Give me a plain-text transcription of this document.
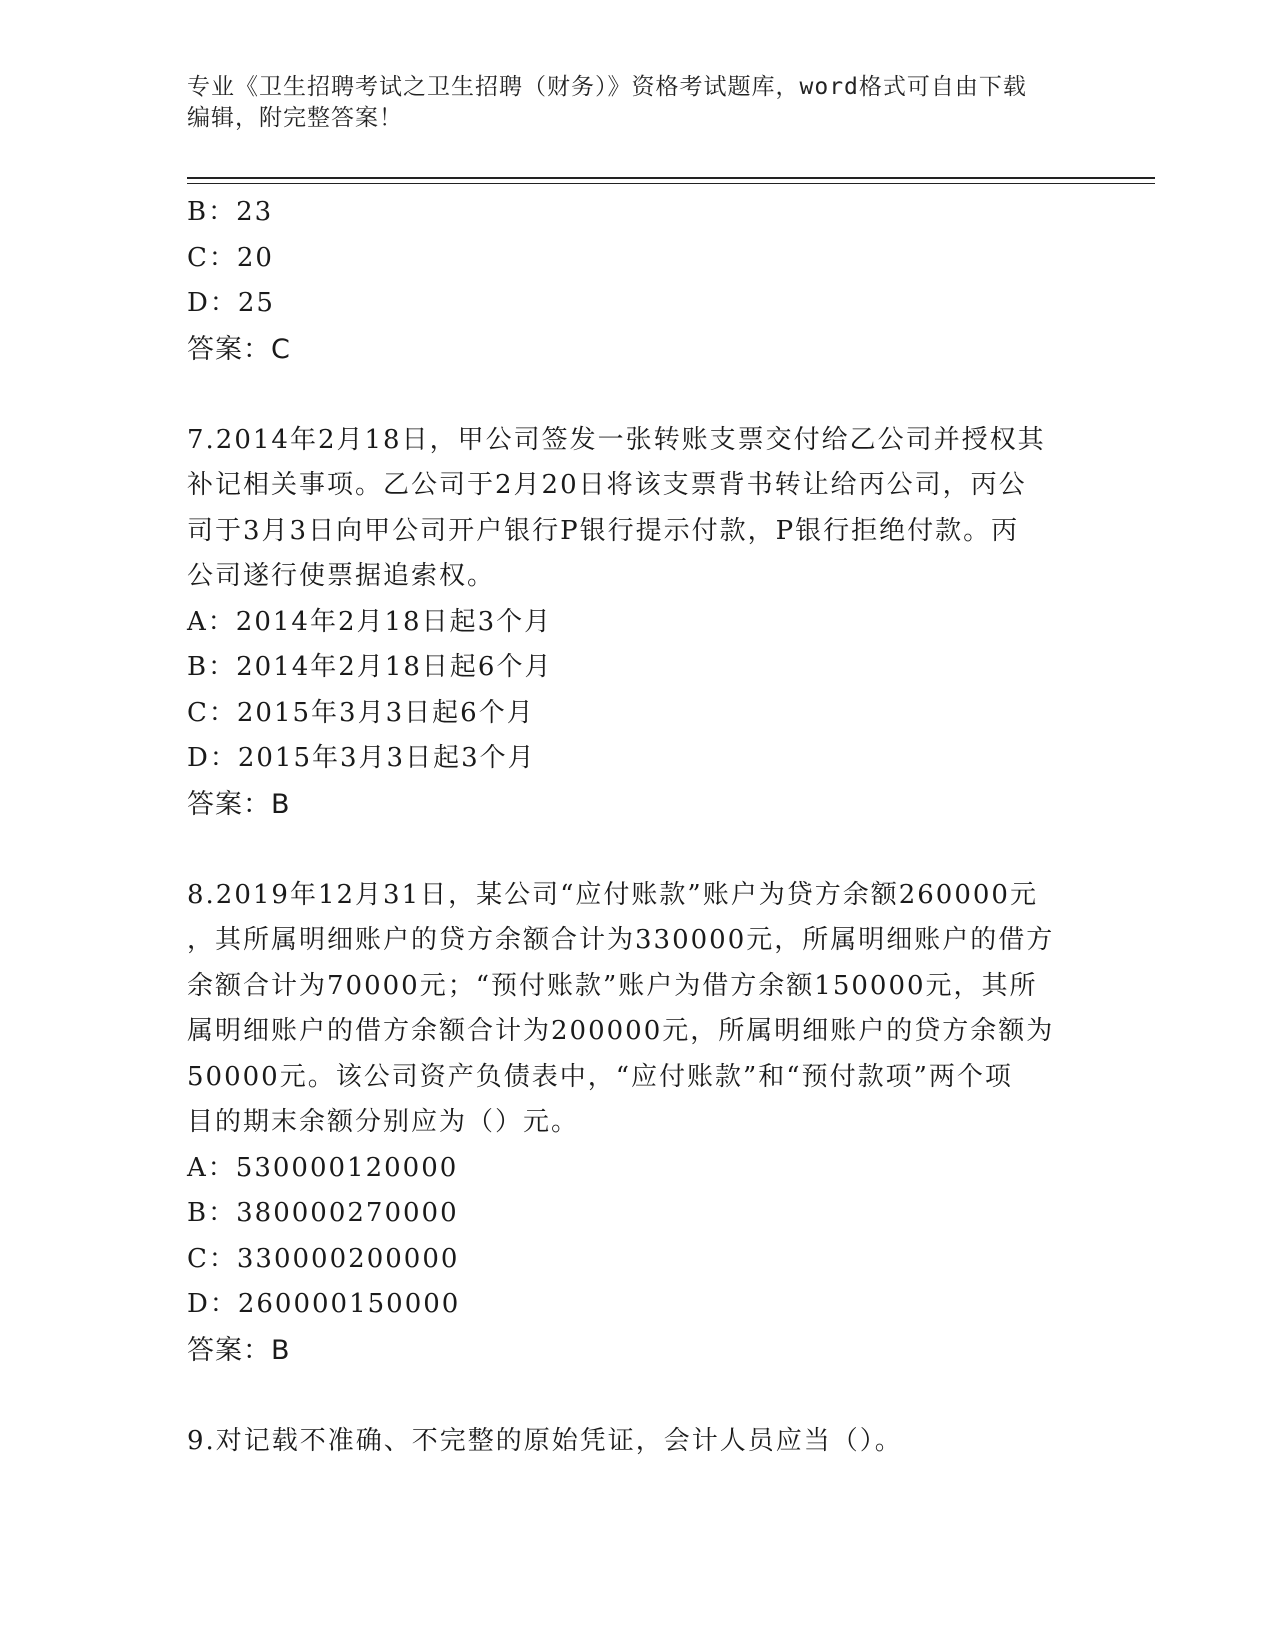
专业《卫生招聘考试之卫生招聘（财务）》资格考试题库，word格式可自由下载
编辑，附完整答案！
B：23
C：20
D：25
答案：C
7.2014年2月18日，甲公司签发一张转账支票交付给乙公司并授权其
补记相关事项。乙公司于2月20日将该支票背书转让给丙公司，丙公
司于3月3日向甲公司开户银行P银行提示付款，P银行拒绝付款。丙
公司遂行使票据追索权。
A：2014年2月18日起3个月
B：2014年2月18日起6个月
C：2015年3月3日起6个月
D：2015年3月3日起3个月
答案：B
8.2019年12月31日，某公司“应付账款”账户为贷方余额260000元
，其所属明细账户的贷方余额合计为330000元，所属明细账户的借方
余额合计为70000元；“预付账款”账户为借方余额150000元，其所
属明细账户的借方余额合计为200000元，所属明细账户的贷方余额为
50000元。该公司资产负债表中，“应付账款”和“预付款项”两个项
目的期末余额分别应为（）元。
A：530000120000
B：380000270000
C：330000200000
D：260000150000
答案：B
9.对记载不准确、不完整的原始凭证，会计人员应当（）。
